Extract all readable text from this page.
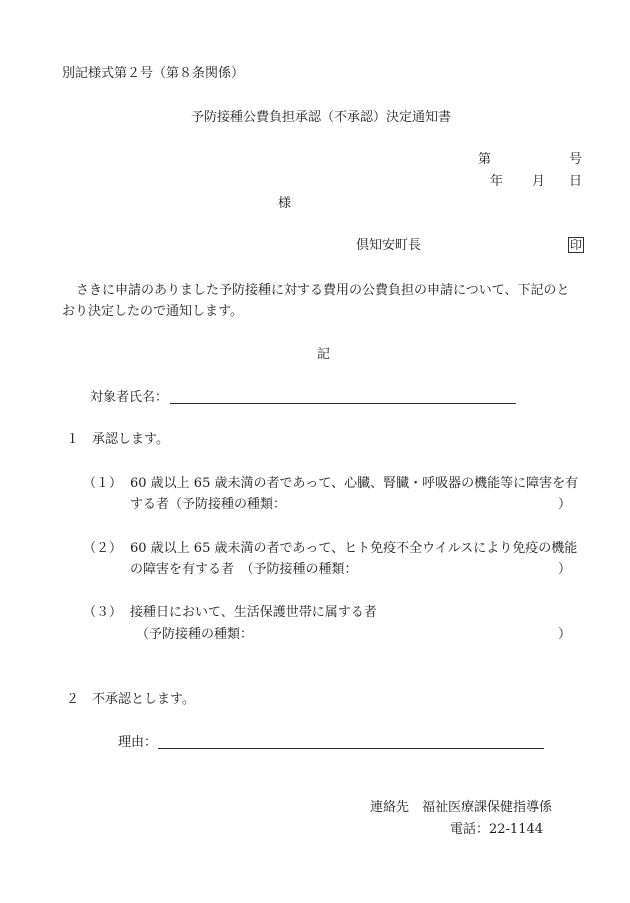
別記様式第２号（第８条関係）
予防接種公費負担承認（不承認）決定通知書
第	号
年 月 日
様
倶知安町長	印
さきに申請のありました予防接種に対する費用の公費負担の申請について、下記のと
おり決定したので通知します。
記
対象者氏名：
１　承認します。
（１） 60 歳以上 65 歳未満の者であって、心臓、腎臓・呼吸器の機能等に障害を有
する者（予防接種の種類：	）
（２） 60 歳以上 65 歳未満の者であって、ヒト免疫不全ウイルスにより免疫の機能
の障害を有する者　（予防接種の種類：	）
（３） 接種日において、生活保護世帯に属する者
（予防接種の種類：	）
２　不承認とします。
理由：
連絡先　福祉医療課保健指導係
電話：22-1144
